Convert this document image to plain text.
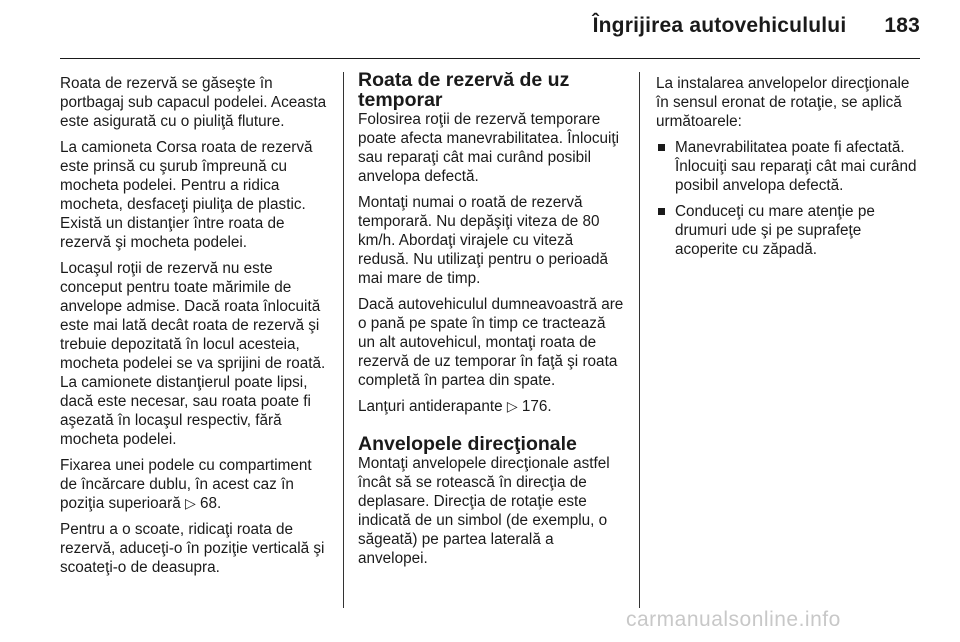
Îngrijirea autovehiculului 183

Roata de rezervă se găseşte în portbagaj sub capacul podelei. Aceasta este asigurată cu o piuliţă fluture.

La camioneta Corsa roata de rezervă este prinsă cu şurub împreună cu mocheta podelei. Pentru a ridica mocheta, desfaceţi piuliţa de plastic. Există un distanţier între roata de rezervă şi mocheta podelei.

Locaşul roţii de rezervă nu este conceput pentru toate mărimile de anvelope admise. Dacă roata înlocuită este mai lată decât roata de rezervă şi trebuie depozitată în locul acesteia, mocheta podelei se va sprijini de roată. La camionete distanţierul poate lipsi, dacă este necesar, sau roata poate fi aşezată în locaşul respectiv, fără mocheta podelei.

Fixarea unei podele cu compartiment de încărcare dublu, în acest caz în poziţia superioară ▷ 68.

Pentru a o scoate, ridicaţi roata de rezervă, aduceţi-o în poziţie verticală şi scoateţi-o de deasupra.

Roata de rezervă de uz temporar

Folosirea roţii de rezervă temporare poate afecta manevrabilitatea. Înlocuiţi sau reparaţi cât mai curând posibil anvelopa defectă.

Montaţi numai o roată de rezervă temporară. Nu depăşiţi viteza de 80 km/h. Abordaţi virajele cu viteză redusă. Nu utilizaţi pentru o perioadă mai mare de timp.

Dacă autovehiculul dumneavoastră are o pană pe spate în timp ce tractează un alt autovehicul, montaţi roata de rezervă de uz temporar în faţă şi roata completă în partea din spate.

Lanţuri antiderapante ▷ 176.

Anvelopele direcţionale

Montaţi anvelopele direcţionale astfel încât să se rotească în direcţia de deplasare. Direcţia de rotaţie este indicată de un simbol (de exemplu, o săgeată) pe partea laterală a anvelopei.

La instalarea anvelopelor direcţionale în sensul eronat de rotaţie, se aplică următoarele:

Manevrabilitatea poate fi afectată. Înlocuiţi sau reparaţi cât mai curând posibil anvelopa defectă.
Conduceţi cu mare atenţie pe drumuri ude şi pe suprafeţe acoperite cu zăpadă.
carmanualsonline.info
